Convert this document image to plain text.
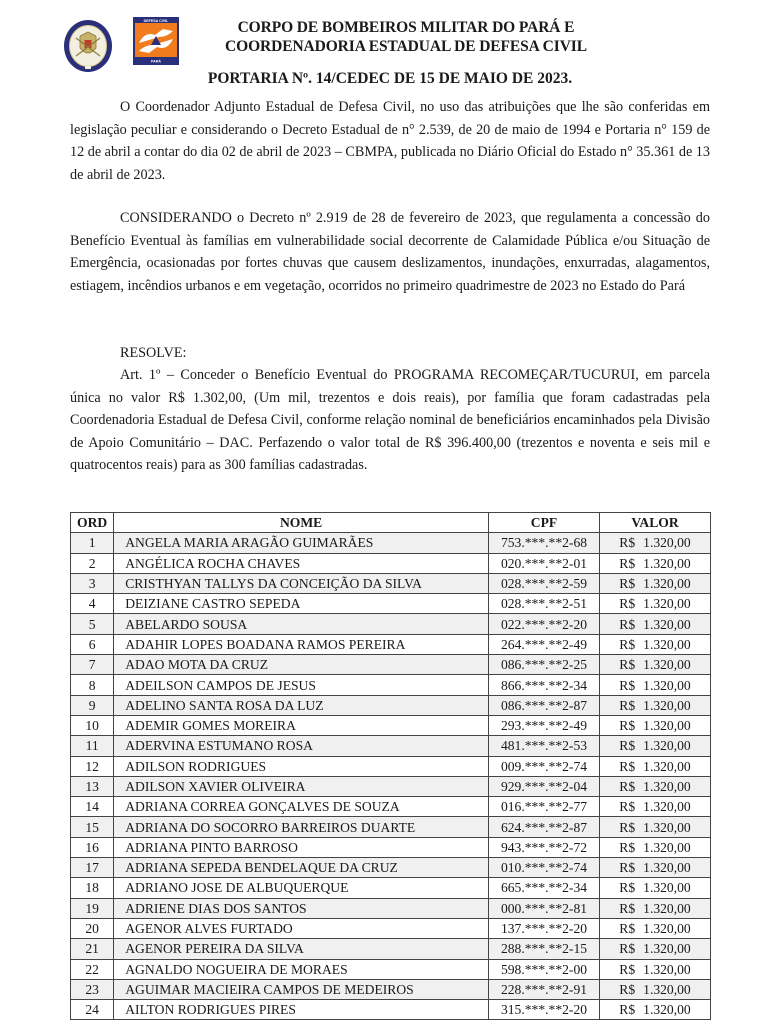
DEFESA CIVIL
PARÁ
CORPO DE BOMBEIROS MILITAR DO PARÁ E
COORDENADORIA ESTADUAL DE DEFESA CIVIL
PORTARIA Nº. 14/CEDEC DE 15 DE MAIO DE 2023.

O Coordenador Adjunto Estadual de Defesa Civil, no uso das atribuições que lhe são conferidas em legislação peculiar e considerando o Decreto Estadual de n° 2.539, de 20 de maio de 1994 e Portaria n° 159 de 12 de abril a contar do dia 02 de abril de 2023 – CBMPA, publicada no Diário Oficial do Estado n° 35.361 de 13 de abril de 2023.

CONSIDERANDO o Decreto nº 2.919 de 28 de fevereiro de 2023, que regulamenta a concessão do Benefício Eventual às famílias em vulnerabilidade social decorrente de Calamidade Pública e/ou Situação de Emergência, ocasionadas por fortes chuvas que causem deslizamentos, inundações, enxurradas, alagamentos, estiagem, incêndios urbanos e em vegetação, ocorridos no primeiro quadrimestre de 2023 no Estado do Pará

RESOLVE:

Art. 1º – Conceder o Benefício Eventual do PROGRAMA RECOMEÇAR/TUCURUI, em parcela única no valor R$ 1.302,00, (Um mil, trezentos e dois reais), por família que foram cadastradas pela Coordenadoria Estadual de Defesa Civil, conforme relação nominal de beneficiários encaminhados pela Divisão de Apoio Comunitário – DAC. Perfazendo o valor total de R$ 396.400,00 (trezentos e noventa e seis mil e quatrocentos reais) para as 300 famílias cadastradas.

ORD	NOME	CPF	VALOR
1	ANGELA MARIA ARAGÃO GUIMARÃES	753.***.**2-68	R$ 1.320,00
2	ANGÉLICA ROCHA CHAVES	020.***.**2-01	R$ 1.320,00
3	CRISTHYAN TALLYS DA CONCEIÇÃO DA SILVA	028.***.**2-59	R$ 1.320,00
4	DEIZIANE CASTRO SEPEDA	028.***.**2-51	R$ 1.320,00
5	ABELARDO SOUSA	022.***.**2-20	R$ 1.320,00
6	ADAHIR LOPES BOADANA RAMOS PEREIRA	264.***.**2-49	R$ 1.320,00
7	ADAO MOTA DA CRUZ	086.***.**2-25	R$ 1.320,00
8	ADEILSON CAMPOS DE JESUS	866.***.**2-34	R$ 1.320,00
9	ADELINO SANTA ROSA DA LUZ	086.***.**2-87	R$ 1.320,00
10	ADEMIR GOMES MOREIRA	293.***.**2-49	R$ 1.320,00
11	ADERVINA ESTUMANO ROSA	481.***.**2-53	R$ 1.320,00
12	ADILSON RODRIGUES	009.***.**2-74	R$ 1.320,00
13	ADILSON XAVIER OLIVEIRA	929.***.**2-04	R$ 1.320,00
14	ADRIANA CORREA GONÇALVES DE SOUZA	016.***.**2-77	R$ 1.320,00
15	ADRIANA DO SOCORRO BARREIROS DUARTE	624.***.**2-87	R$ 1.320,00
16	ADRIANA PINTO BARROSO	943.***.**2-72	R$ 1.320,00
17	ADRIANA SEPEDA BENDELAQUE DA CRUZ	010.***.**2-74	R$ 1.320,00
18	ADRIANO JOSE DE ALBUQUERQUE	665.***.**2-34	R$ 1.320,00
19	ADRIENE DIAS DOS SANTOS	000.***.**2-81	R$ 1.320,00
20	AGENOR ALVES FURTADO	137.***.**2-20	R$ 1.320,00
21	AGENOR PEREIRA DA SILVA	288.***.**2-15	R$ 1.320,00
22	AGNALDO NOGUEIRA DE MORAES	598.***.**2-00	R$ 1.320,00
23	AGUIMAR MACIEIRA CAMPOS DE MEDEIROS	228.***.**2-91	R$ 1.320,00
24	AILTON RODRIGUES PIRES	315.***.**2-20	R$ 1.320,00
